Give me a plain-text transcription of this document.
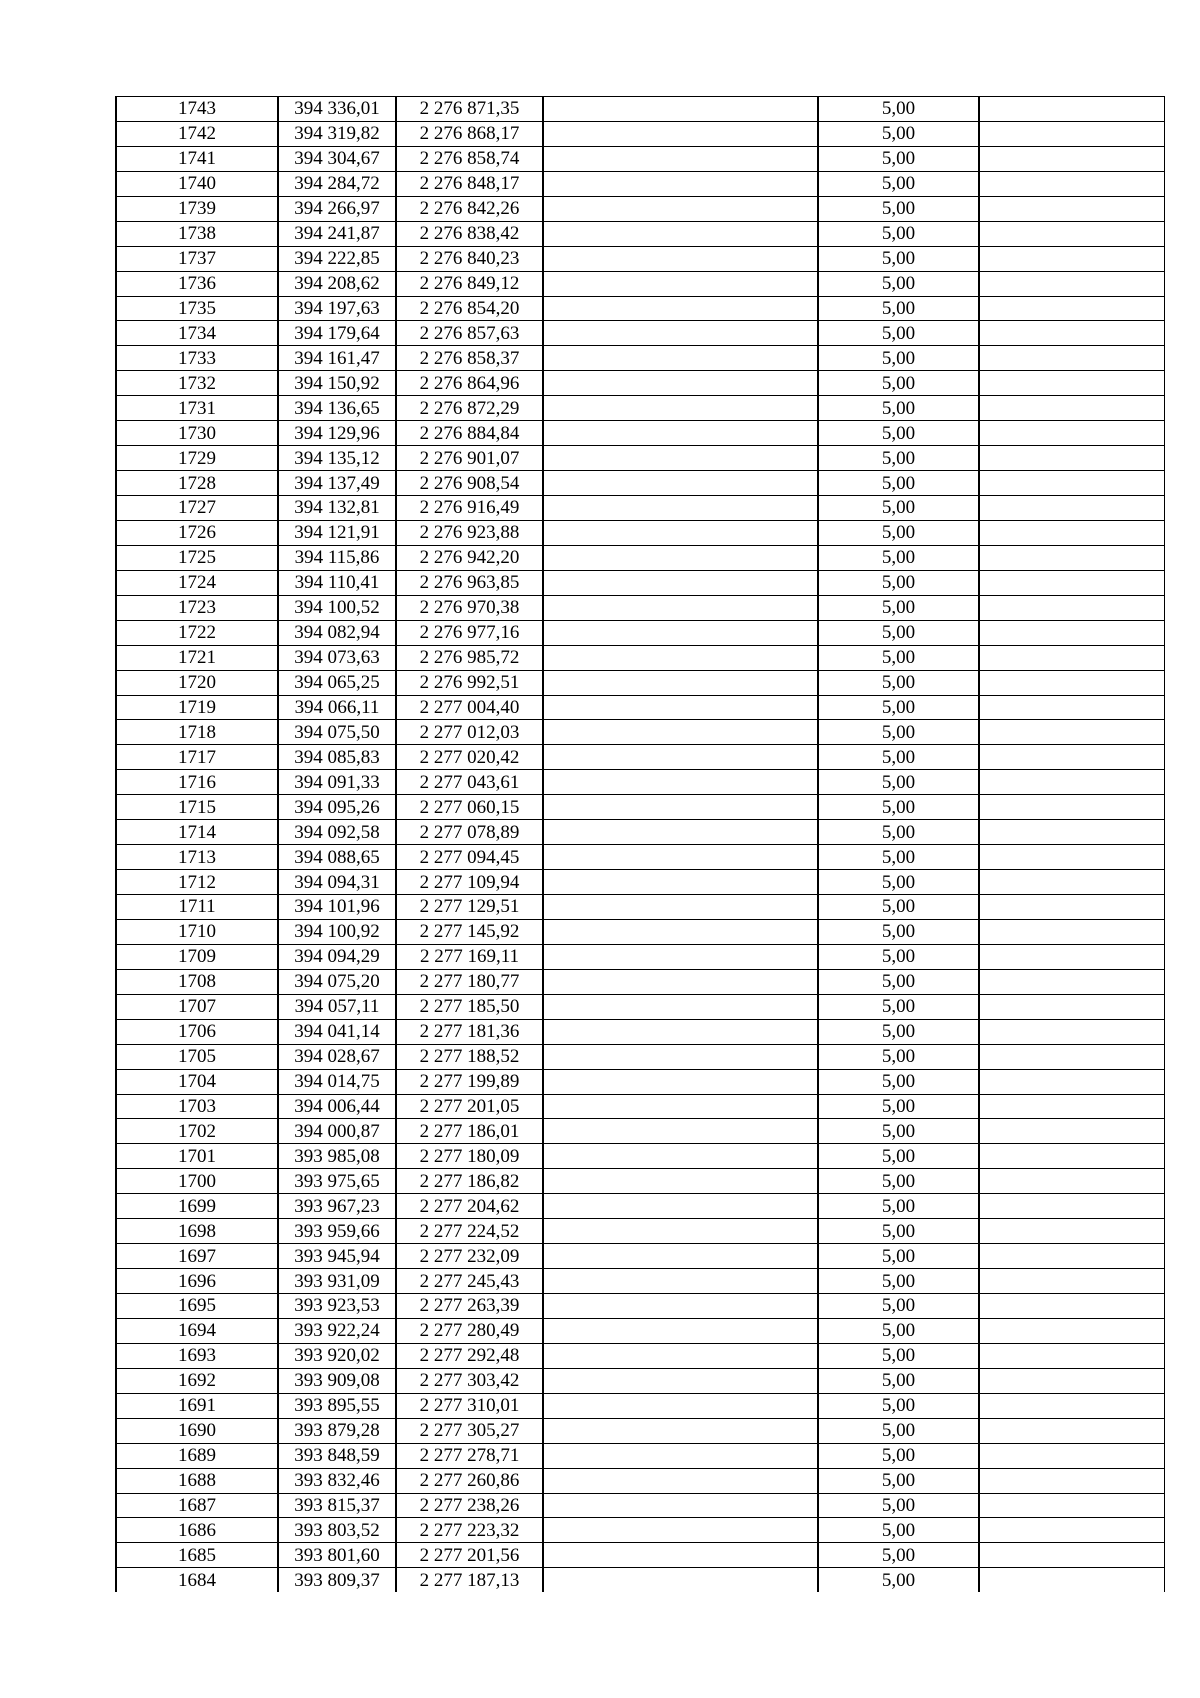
1743	394 336,01	2 276 871,35		5,00	
1742	394 319,82	2 276 868,17		5,00	
1741	394 304,67	2 276 858,74		5,00	
1740	394 284,72	2 276 848,17		5,00	
1739	394 266,97	2 276 842,26		5,00	
1738	394 241,87	2 276 838,42		5,00	
1737	394 222,85	2 276 840,23		5,00	
1736	394 208,62	2 276 849,12		5,00	
1735	394 197,63	2 276 854,20		5,00	
1734	394 179,64	2 276 857,63		5,00	
1733	394 161,47	2 276 858,37		5,00	
1732	394 150,92	2 276 864,96		5,00	
1731	394 136,65	2 276 872,29		5,00	
1730	394 129,96	2 276 884,84		5,00	
1729	394 135,12	2 276 901,07		5,00	
1728	394 137,49	2 276 908,54		5,00	
1727	394 132,81	2 276 916,49		5,00	
1726	394 121,91	2 276 923,88		5,00	
1725	394 115,86	2 276 942,20		5,00	
1724	394 110,41	2 276 963,85		5,00	
1723	394 100,52	2 276 970,38		5,00	
1722	394 082,94	2 276 977,16		5,00	
1721	394 073,63	2 276 985,72		5,00	
1720	394 065,25	2 276 992,51		5,00	
1719	394 066,11	2 277 004,40		5,00	
1718	394 075,50	2 277 012,03		5,00	
1717	394 085,83	2 277 020,42		5,00	
1716	394 091,33	2 277 043,61		5,00	
1715	394 095,26	2 277 060,15		5,00	
1714	394 092,58	2 277 078,89		5,00	
1713	394 088,65	2 277 094,45		5,00	
1712	394 094,31	2 277 109,94		5,00	
1711	394 101,96	2 277 129,51		5,00	
1710	394 100,92	2 277 145,92		5,00	
1709	394 094,29	2 277 169,11		5,00	
1708	394 075,20	2 277 180,77		5,00	
1707	394 057,11	2 277 185,50		5,00	
1706	394 041,14	2 277 181,36		5,00	
1705	394 028,67	2 277 188,52		5,00	
1704	394 014,75	2 277 199,89		5,00	
1703	394 006,44	2 277 201,05		5,00	
1702	394 000,87	2 277 186,01		5,00	
1701	393 985,08	2 277 180,09		5,00	
1700	393 975,65	2 277 186,82		5,00	
1699	393 967,23	2 277 204,62		5,00	
1698	393 959,66	2 277 224,52		5,00	
1697	393 945,94	2 277 232,09		5,00	
1696	393 931,09	2 277 245,43		5,00	
1695	393 923,53	2 277 263,39		5,00	
1694	393 922,24	2 277 280,49		5,00	
1693	393 920,02	2 277 292,48		5,00	
1692	393 909,08	2 277 303,42		5,00	
1691	393 895,55	2 277 310,01		5,00	
1690	393 879,28	2 277 305,27		5,00	
1689	393 848,59	2 277 278,71		5,00	
1688	393 832,46	2 277 260,86		5,00	
1687	393 815,37	2 277 238,26		5,00	
1686	393 803,52	2 277 223,32		5,00	
1685	393 801,60	2 277 201,56		5,00	
1684	393 809,37	2 277 187,13		5,00	
